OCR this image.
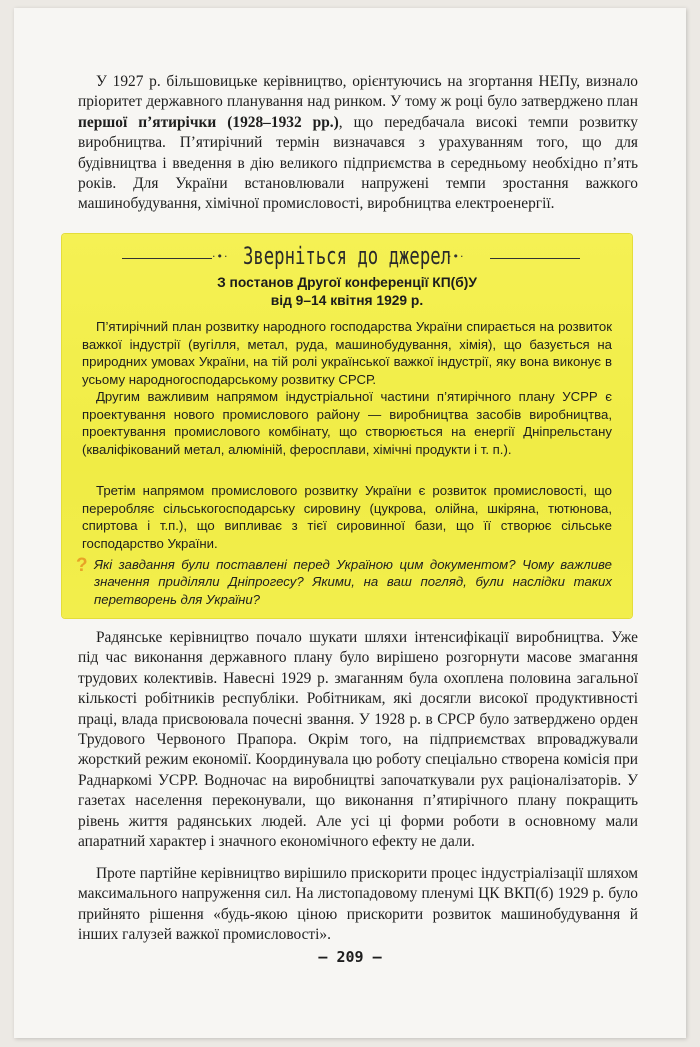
У 1927 р. більшовицьке керівництво, орієнтуючись на згортання НЕПу, визнало пріоритет державного планування над ринком. У тому ж році було затверджено план першої п’ятирічки (1928–1932 рр.), що передбачала високі темпи розвитку виробництва. П’ятирічний термін визначався з урахуванням того, що для будівництва і введення в дію великого підприємства в середньому необхідно п’ять років. Для України встановлювали напружені темпи зростання важкого машинобудування, хімічної промисловості, виробництва електроенергії.

·•· Зверніться до джерел
·•·
З постанов Другої конференції КП(б)У
від 9–14 квітня 1929 р.

П’ятирічний план розвитку народного господарства України спирається на розвиток важкої індустрії (вугілля, метал, руда, машинобудування, хімія), що базується на природних умовах України, на тій ролі української важкої індустрії, яку вона виконує в усьому народногосподарському розвитку СРСР.

Другим важливим напрямом індустріальної частини п’ятирічного плану УСРР є проектування нового промислового району — виробництва засобів виробництва, проектування промислового комбінату, що створюється на енергії Дніпрельстану (кваліфікований метал, алюміній, феросплави, хімічні продукти і т. п.).

Третім напрямом промислового розвитку України є розвиток промисловості, що переробляє сільськогосподарську сировину (цукрова, олійна, шкіряна, тютюнова, спиртова і т.п.), що випливає з тієї сировинної бази, що її створює сільське господарство України.

? Які завдання були поставлені перед Україною цим документом? Чому важливе значення приділяли Дніпрогесу? Якими, на ваш погляд, були наслідки таких перетворень для України?

Радянське керівництво почало шукати шляхи інтенсифікації виробництва. Уже під час виконання державного плану було вирішено розгорнути масове змагання трудових колективів. Навесні 1929 р. змаганням була охоплена половина загальної кількості робітників республіки. Робітникам, які досягли високої продуктивності праці, влада присвоювала почесні звання. У 1928 р. в СРСР було затверджено орден Трудового Червоного Прапора. Окрім того, на підприємствах впроваджували жорсткий режим економії. Координувала цю роботу спеціально створена комісія при Раднаркомі УСРР. Водночас на виробництві започаткували рух раціоналізаторів. У газетах населення переконували, що виконання п’ятирічного плану покращить рівень життя радянських людей. Але усі ці форми роботи в основному мали апаратний характер і значного економічного ефекту не дали.

Проте партійне керівництво вирішило прискорити процес індустріалізації шляхом максимального напруження сил. На листопадовому пленумі ЦК ВКП(б) 1929 р. було прийнято рішення «будь-якою ціною прискорити розвиток машинобудування й інших галузей важкої промисловості».

– 209 –
